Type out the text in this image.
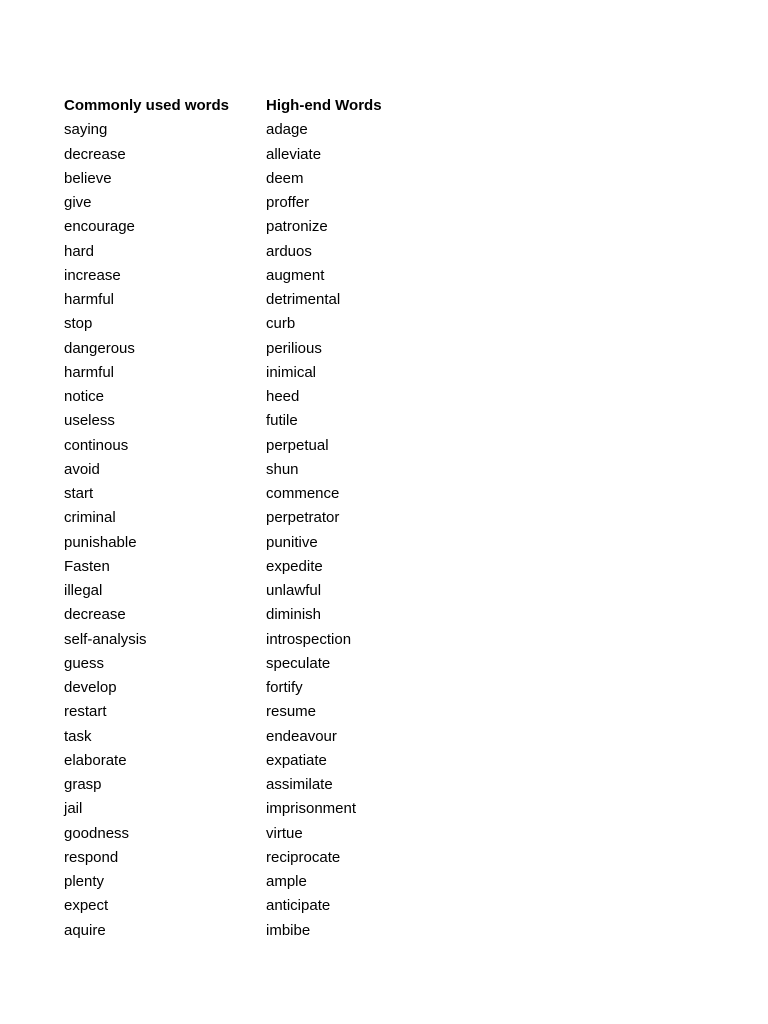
Commonly used words	High-end Words
saying	adage
decrease	alleviate
believe	deem
give	proffer
encourage	patronize
hard	arduos
increase	augment
harmful	detrimental
stop	curb
dangerous	perilious
harmful	inimical
notice	heed
useless	futile
continous	perpetual
avoid	shun
start	commence
criminal	perpetrator
punishable	punitive
Fasten	expedite
illegal	unlawful
decrease	diminish
self-analysis	introspection
guess	speculate
develop	fortify
restart	resume
task	endeavour
elaborate	expatiate
grasp	assimilate
jail	imprisonment
goodness	virtue
respond	reciprocate
plenty	ample
expect	anticipate
aquire	imbibe
